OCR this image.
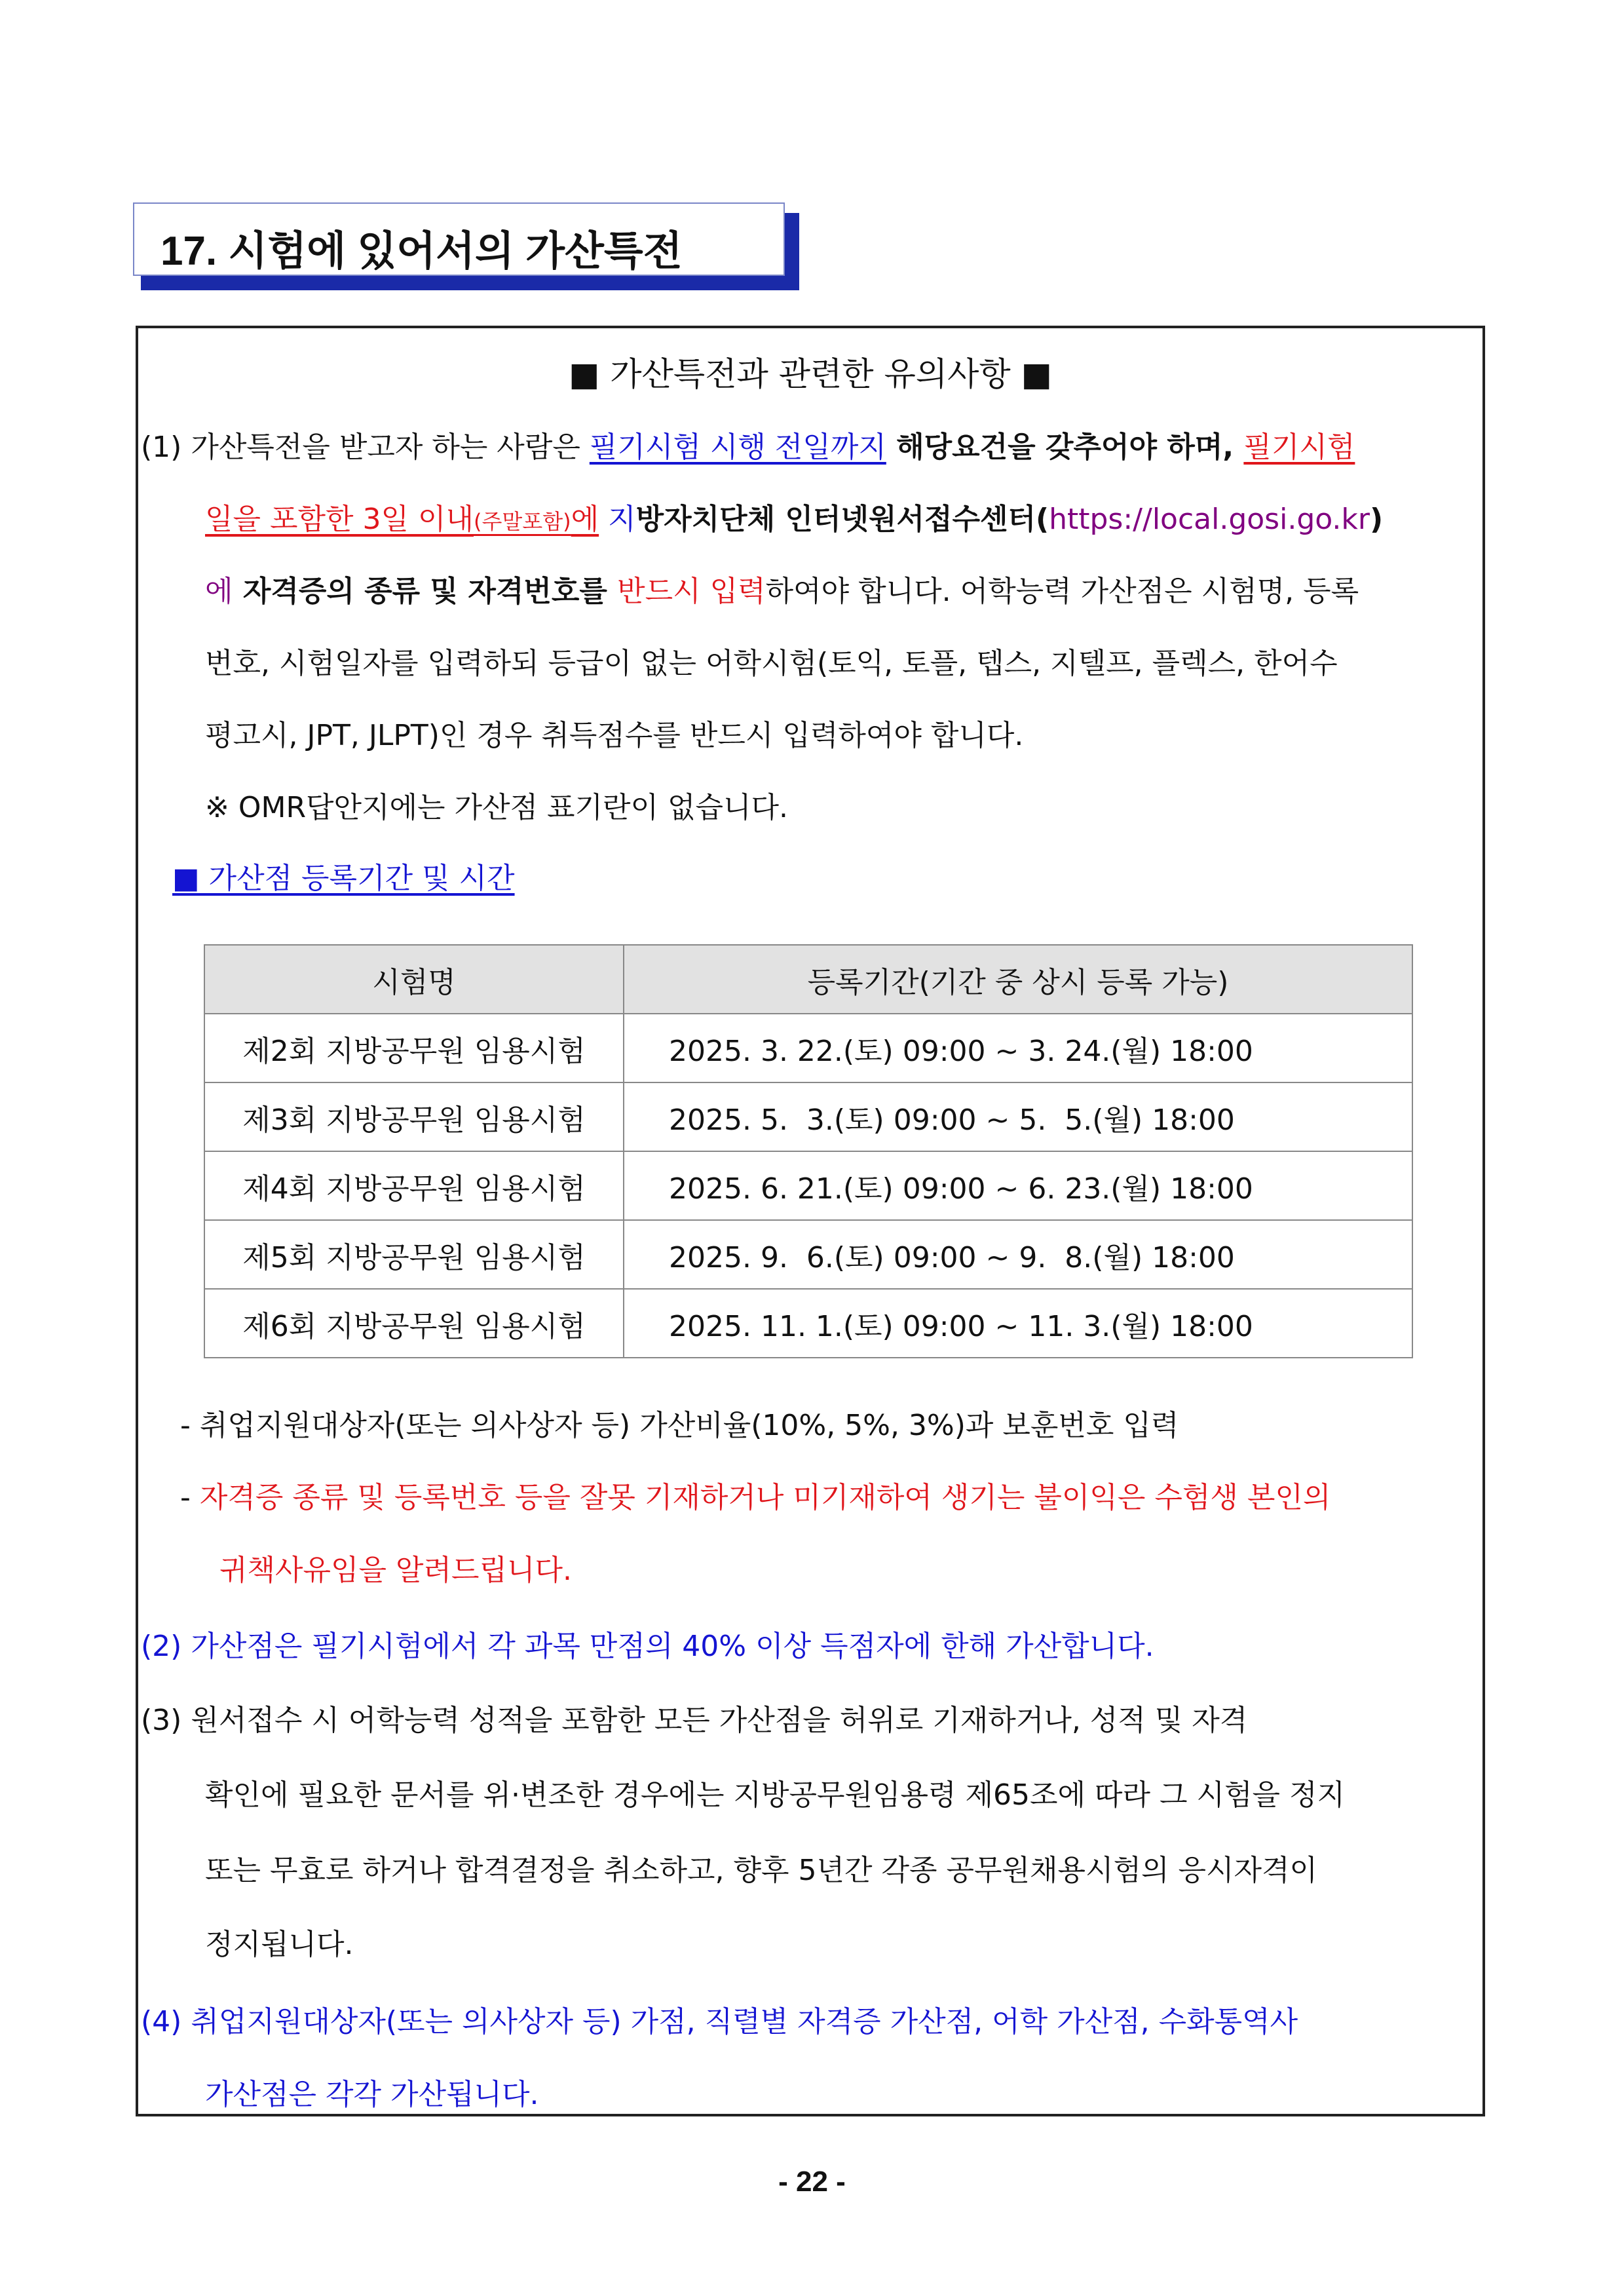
17. 시험에 있어서의 가산특전
■ 가산특전과 관련한 유의사항 ■
(1) 가산특전을 받고자 하는 사람은 필기시험 시행 전일까지 해당요건을 갖추어야 하며, 필기시험
일을 포함한 3일 이내(주말포함)에 지방자치단체 인터넷원서접수센터(https://local.gosi.go.kr)
에 자격증의 종류 및 자격번호를 반드시 입력하여야 합니다. 어학능력 가산점은 시험명, 등록
번호, 시험일자를 입력하되 등급이 없는 어학시험(토익, 토플, 텝스, 지텔프, 플렉스, 한어수
평고시, JPT, JLPT)인 경우 취득점수를 반드시 입력하여야 합니다.
※ OMR답안지에는 가산점 표기란이 없습니다.
■ 가산점 등록기간 및 시간
시험명	등록기간(기간 중 상시 등록 가능)
제2회 지방공무원 임용시험	2025. 3. 22.(토) 09:00 ~ 3. 24.(월) 18:00
제3회 지방공무원 임용시험	2025. 5.  3.(토) 09:00 ~ 5.  5.(월) 18:00
제4회 지방공무원 임용시험	2025. 6. 21.(토) 09:00 ~ 6. 23.(월) 18:00
제5회 지방공무원 임용시험	2025. 9.  6.(토) 09:00 ~ 9.  8.(월) 18:00
제6회 지방공무원 임용시험	2025. 11. 1.(토) 09:00 ~ 11. 3.(월) 18:00
- 취업지원대상자(또는 의사상자 등) 가산비율(10%, 5%, 3%)과 보훈번호 입력
- 자격증 종류 및 등록번호 등을 잘못 기재하거나 미기재하여 생기는 불이익은 수험생 본인의
귀책사유임을 알려드립니다.
(2) 가산점은 필기시험에서 각 과목 만점의 40% 이상 득점자에 한해 가산합니다.
(3) 원서접수 시 어학능력 성적을 포함한 모든 가산점을 허위로 기재하거나, 성적 및 자격
확인에 필요한 문서를 위·변조한 경우에는 지방공무원임용령 제65조에 따라 그 시험을 정지
또는 무효로 하거나 합격결정을 취소하고, 향후 5년간 각종 공무원채용시험의 응시자격이
정지됩니다.
(4) 취업지원대상자(또는 의사상자 등) 가점, 직렬별 자격증 가산점, 어학 가산점, 수화통역사
가산점은 각각 가산됩니다.
- 22 -
